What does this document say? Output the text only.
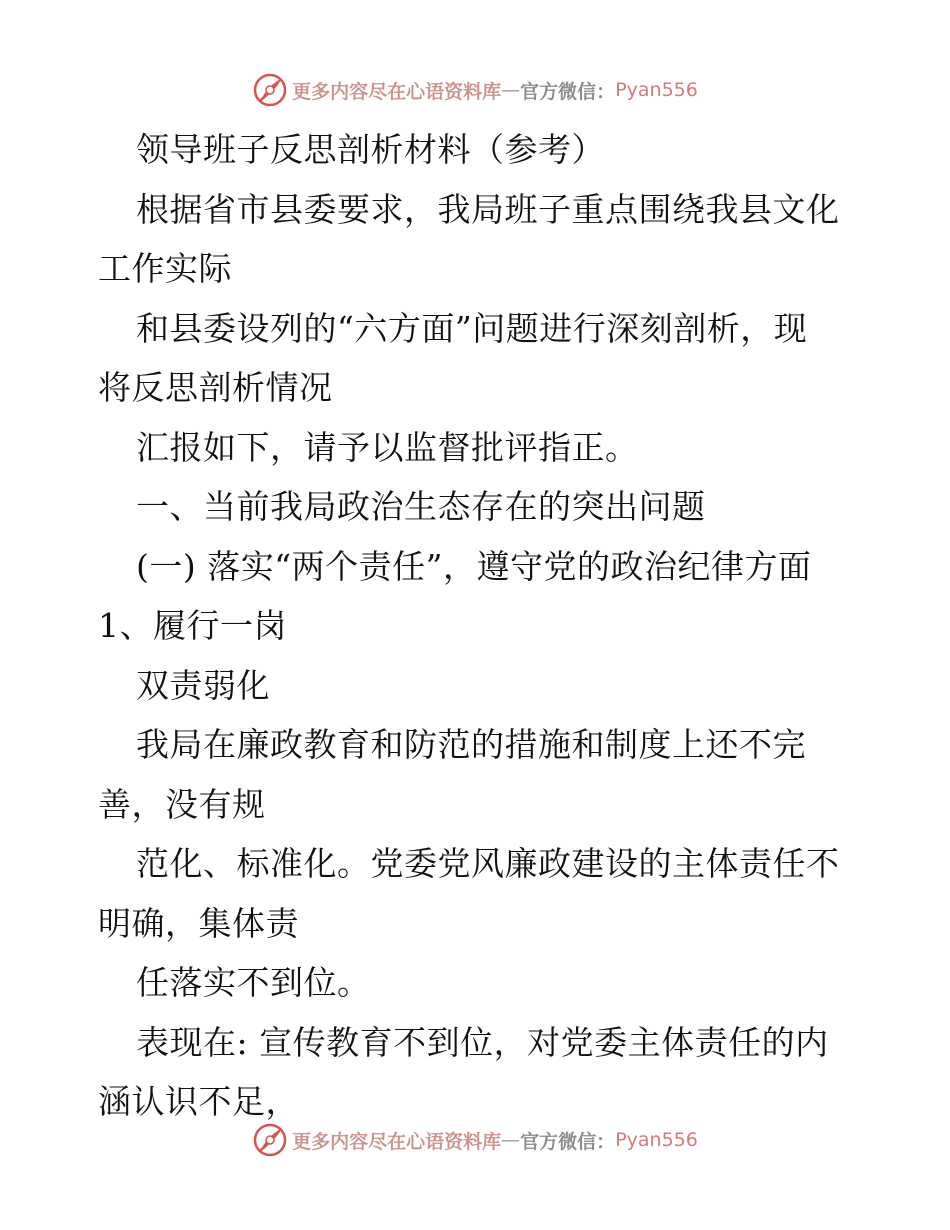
更多内容尽在心语资料库 — 官方微信： Pyan556

领导班子反思剖析材料（参考）

根据省市县委要求，我局班子重点围绕我县文化

工作实际

和县委设列的“六方面”问题进行深刻剖析，现

将反思剖析情况

汇报如下，请予以监督批评指正。

一、当前我局政治生态存在的突出问题

(一) 落实“两个责任”，遵守党的政治纪律方面

1、履行一岗

双责弱化

我局在廉政教育和防范的措施和制度上还不完

善，没有规

范化、标准化。党委党风廉政建设的主体责任不

明确，集体责

任落实不到位。

表现在: 宣传教育不到位，对党委主体责任的内

涵认识不足，

更多内容尽在心语资料库 — 官方微信： Pyan556
